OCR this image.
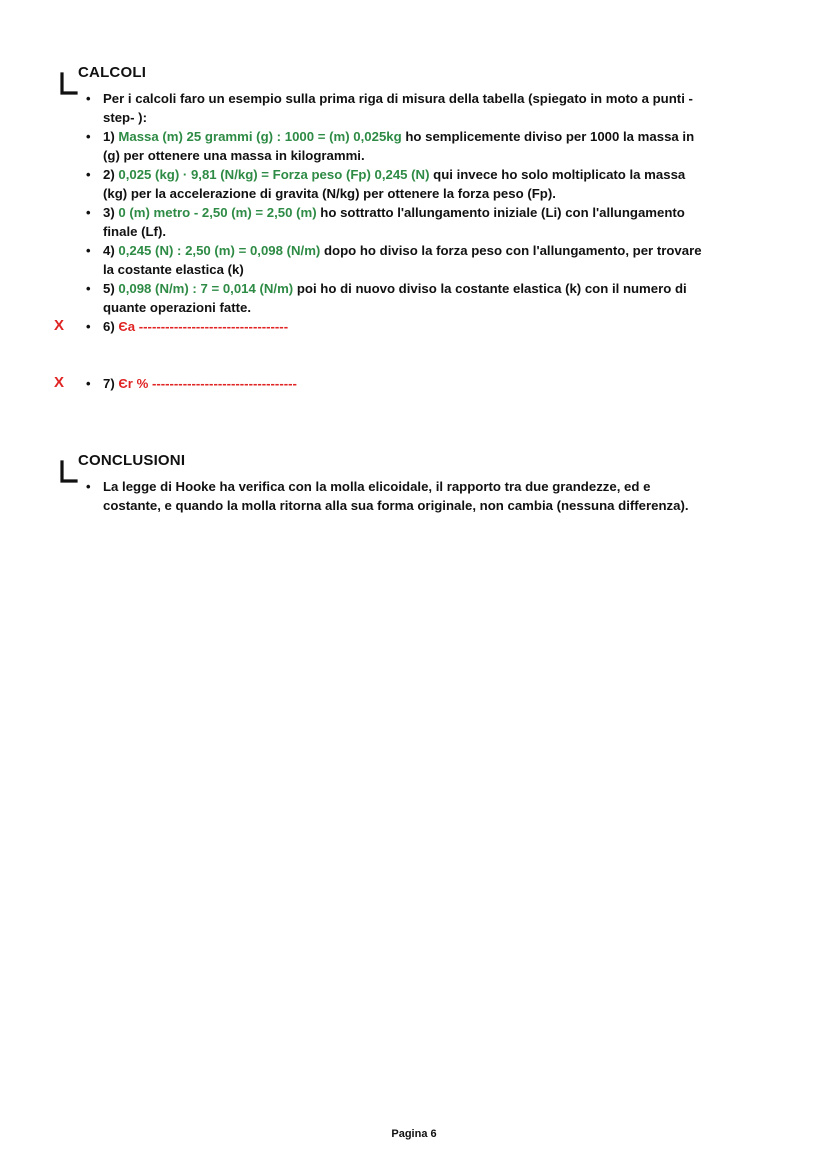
CALCOLI
• Per i calcoli faro un esempio sulla prima riga di misura della tabella (spiegato in moto a punti -step- ):
• 1) Massa (m) 25 grammi (g) : 1000 = (m) 0,025kg ho semplicemente diviso per 1000 la massa in (g) per ottenere una massa in kilogrammi.
• 2) 0,025 (kg) · 9,81 (N/kg) = Forza peso (Fp) 0,245 (N) qui invece ho solo moltiplicato la massa (kg) per la accelerazione di gravita (N/kg) per ottenere la forza peso (Fp).
• 3) 0 (m) metro - 2,50 (m) = 2,50 (m) ho sottratto l'allungamento iniziale (Li) con l'allungamento finale (Lf).
• 4) 0,245 (N) : 2,50 (m) = 0,098 (N/m) dopo ho diviso la forza peso con l'allungamento, per trovare la costante elastica (k)
• 5) 0,098 (N/m) : 7 = 0,014 (N/m) poi ho di nuovo diviso la costante elastica (k) con il numero di quante operazioni fatte.
X • 6) Єa ----------------------------------
X • 7) Єr % ---------------------------------
CONCLUSIONI
• La legge di Hooke ha verifica con la molla elicoidale, il rapporto tra due grandezze, ed e costante, e quando la molla ritorna alla sua forma originale, non cambia (nessuna differenza).
Pagina 6
